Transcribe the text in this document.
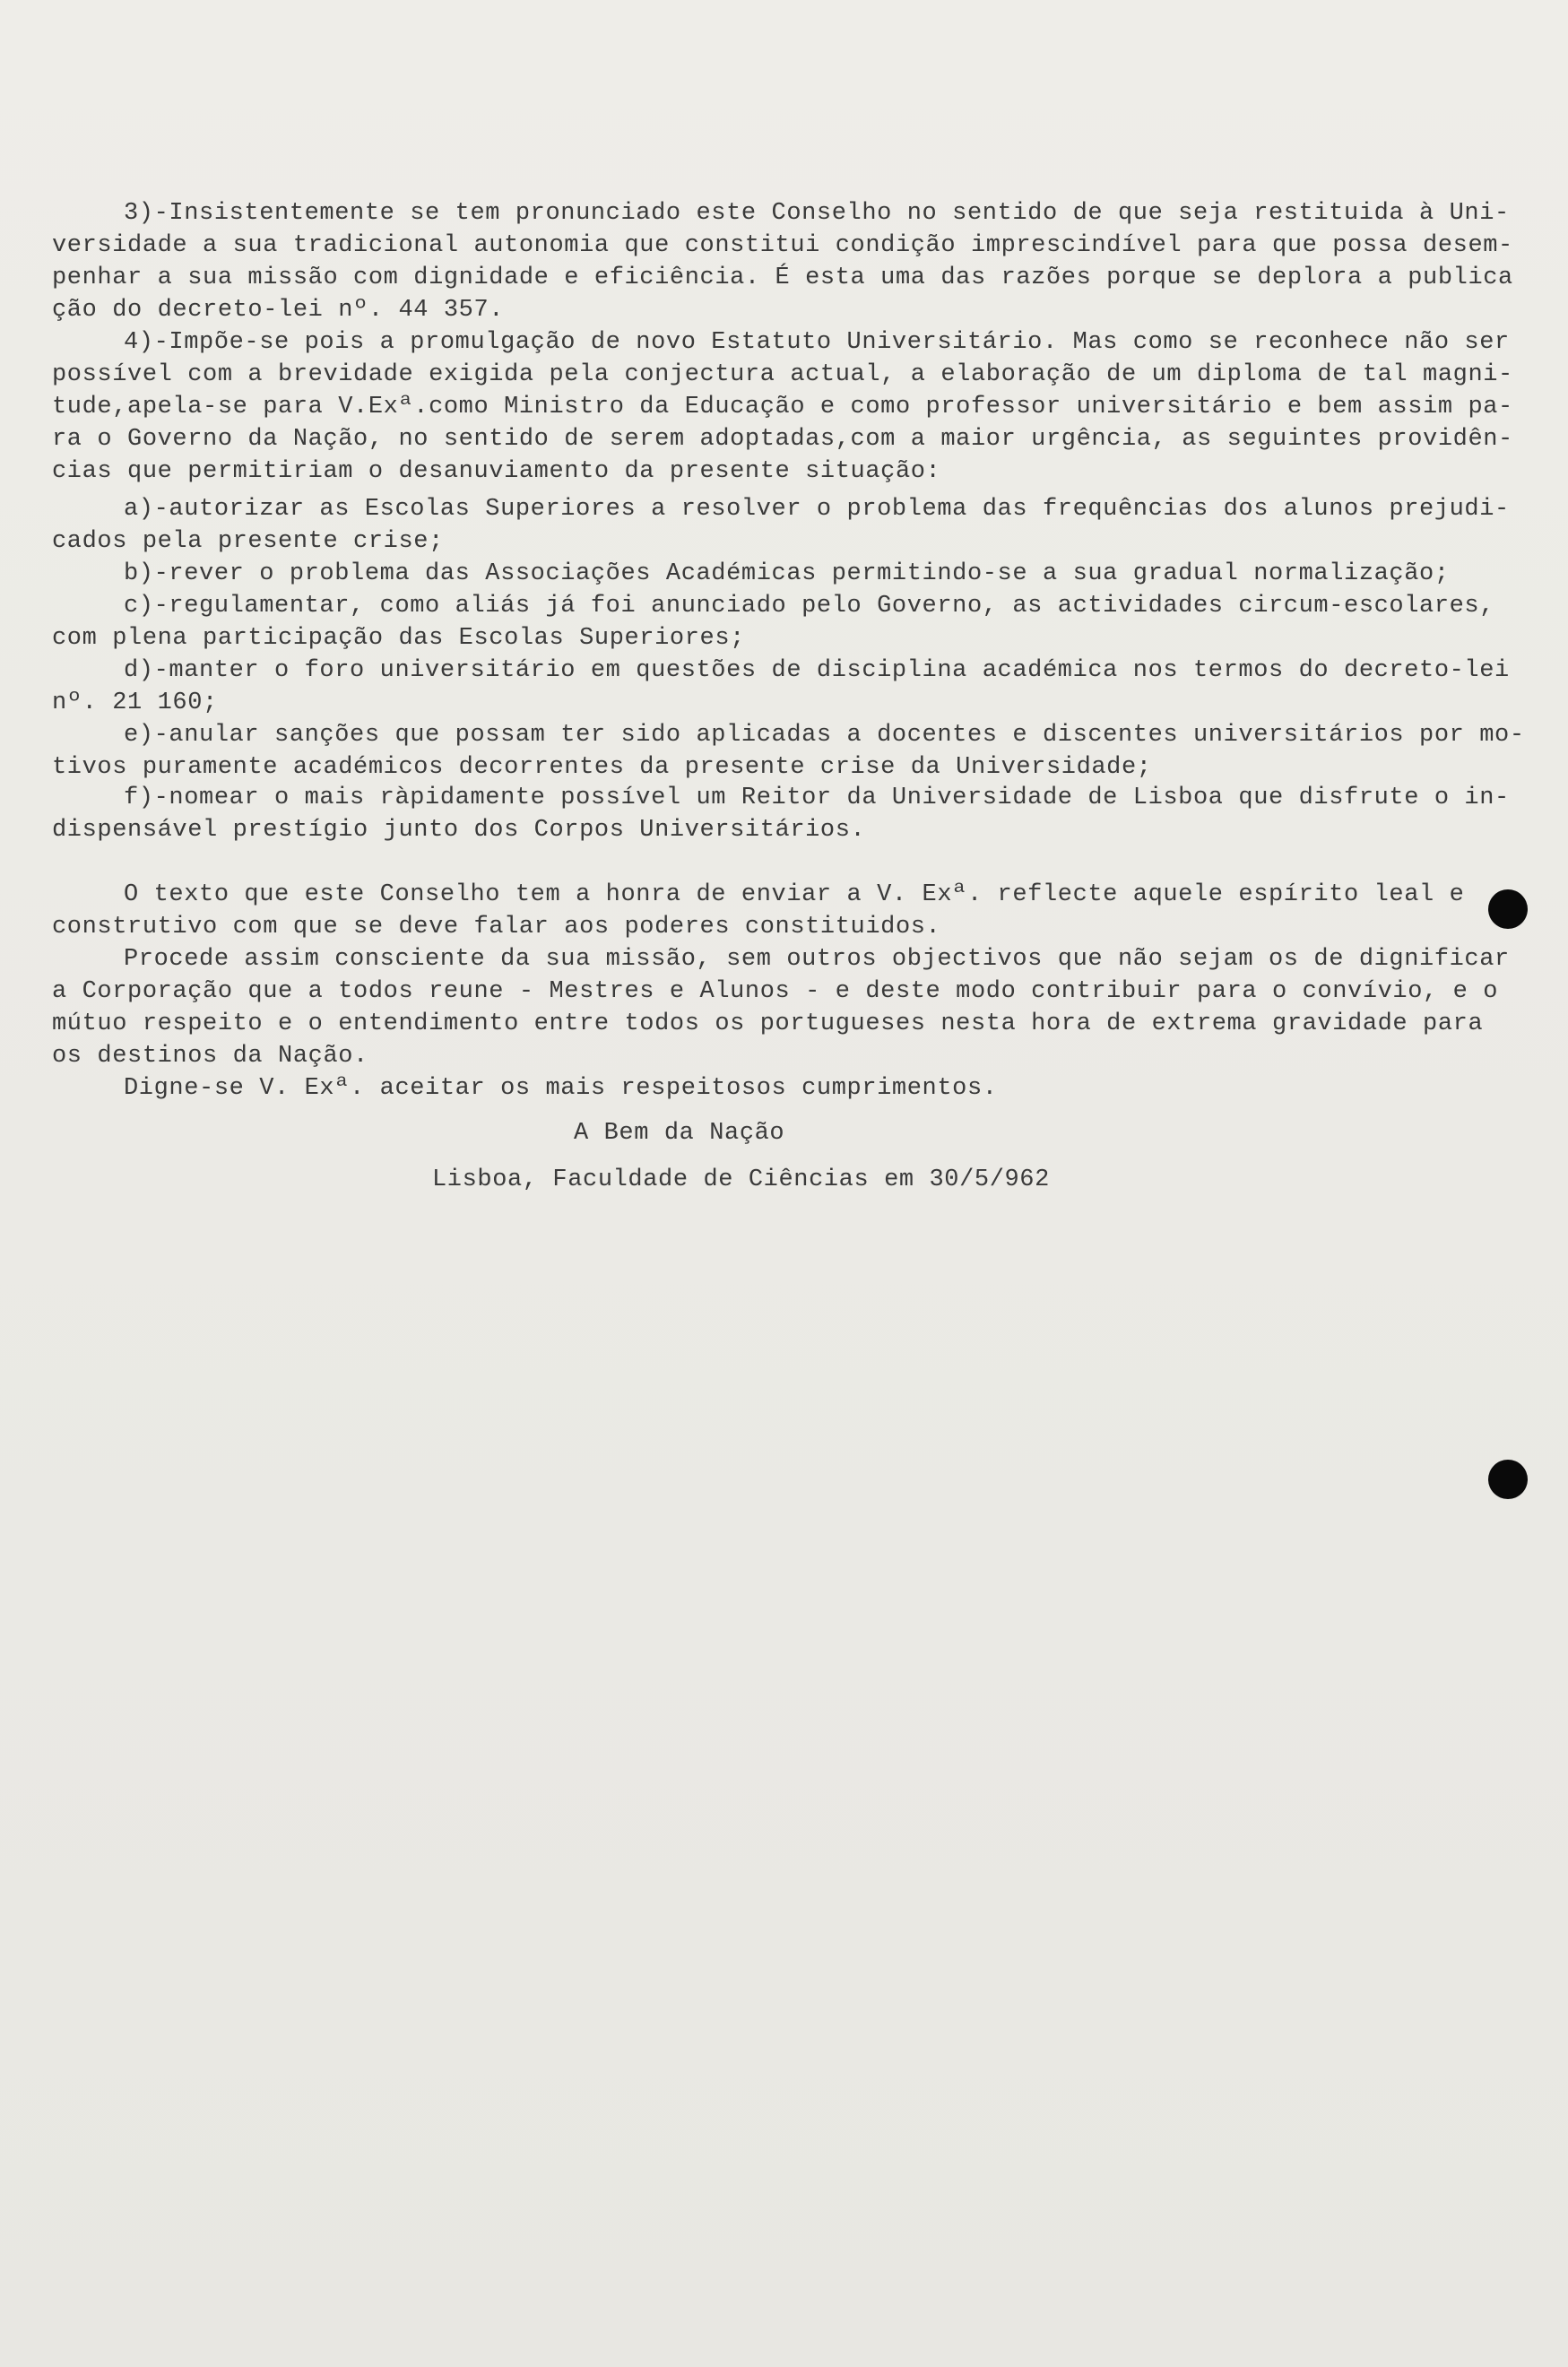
3)-Insistentemente se tem pronunciado este Conselho no sentido de que seja restituida à Uni-
versidade a sua tradicional autonomia que constitui condição imprescindível para que possa desem-
penhar a sua missão com dignidade e eficiência. É esta uma das razões porque se deplora a publica
ção do decreto-lei nº. 44 357.
4)-Impõe-se pois a promulgação de novo Estatuto Universitário. Mas como se reconhece não ser
possível com a brevidade exigida pela conjectura actual, a elaboração de um diploma de tal magni-
tude,apela-se para V.Exª.como Ministro da Educação e como professor universitário e bem assim pa-
ra o Governo da Nação, no sentido de serem adoptadas,com a maior urgência, as seguintes providên-
cias que permitiriam o desanuviamento da presente situação:
a)-autorizar as Escolas Superiores a resolver o problema das frequências dos alunos prejudi-
cados pela presente crise;
b)-rever o problema das Associações Académicas permitindo-se a sua gradual normalização;
c)-regulamentar, como aliás já foi anunciado pelo Governo, as actividades circum-escolares,
com plena participação das Escolas Superiores;
d)-manter o foro universitário em questões de disciplina académica nos termos do decreto-lei
nº. 21 160;
e)-anular sanções que possam ter sido aplicadas a docentes e discentes universitários por mo-
tivos puramente académicos decorrentes da presente crise da Universidade;
f)-nomear o mais ràpidamente possível um Reitor da Universidade de Lisboa que disfrute o in-
dispensável prestígio junto dos Corpos Universitários.
O texto que este Conselho tem a honra de enviar a V. Exª. reflecte aquele espírito leal e
construtivo com que se deve falar aos poderes constituidos.
Procede assim consciente da sua missão, sem outros objectivos que não sejam os de dignificar
a Corporação que a todos reune - Mestres e Alunos - e deste modo contribuir para o convívio, e o
mútuo respeito e o entendimento entre todos os portugueses nesta hora de extrema gravidade para
os destinos da Nação.
Digne-se V. Exª. aceitar os mais respeitosos cumprimentos.
A Bem da Nação
Lisboa, Faculdade de Ciências em 30/5/962
